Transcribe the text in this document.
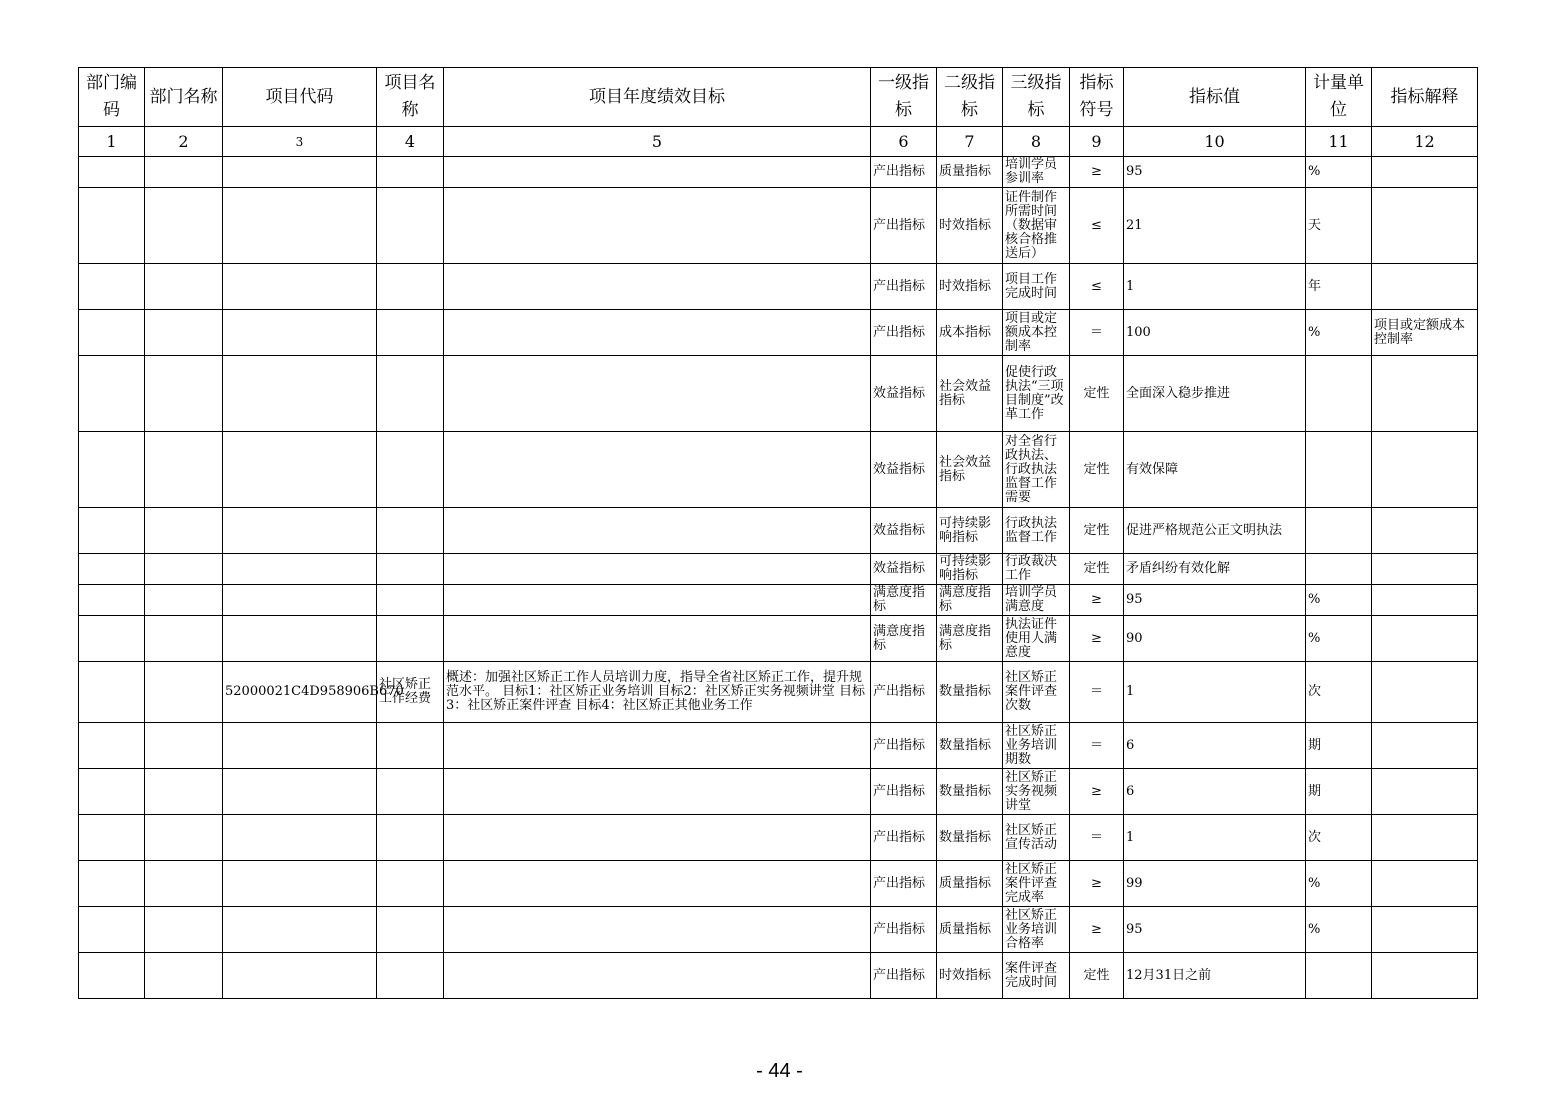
部门编码	部门名称	项目代码	项目名称	项目年度绩效目标	一级指标	二级指标	三级指标	指标符号	指标值	计量单位	指标解释
1	2	3	4	5	6	7	8	9	10	11	12
					产出指标	质量指标	培训学员参训率	≥	95	%	
					产出指标	时效指标	证件制作所需时间（数据审核合格推送后）	≤	21	天	
					产出指标	时效指标	项目工作完成时间	≤	1	年	
					产出指标	成本指标	项目或定额成本控制率	＝	100	%	项目或定额成本控制率
					效益指标	社会效益指标	促使行政执法“三项目制度”改革工作	定性	全面深入稳步推进		
					效益指标	社会效益指标	对全省行政执法、行政执法监督工作需要	定性	有效保障		
					效益指标	可持续影响指标	行政执法监督工作	定性	促进严格规范公正文明执法		
					效益指标	可持续影响指标	行政裁决工作	定性	矛盾纠纷有效化解		
					满意度指标	满意度指标	培训学员满意度	≥	95	%	
					满意度指标	满意度指标	执法证件使用人满意度	≥	90	%	
		52000021C4D958906B670	社区矫正工作经费	概述：加强社区矫正工作人员培训力度，指导全省社区矫正工作，提升规范水平。 目标1：社区矫正业务培训 目标2：社区矫正实务视频讲堂 目标3：社区矫正案件评查 目标4：社区矫正其他业务工作	产出指标	数量指标	社区矫正案件评查次数	＝	1	次	
					产出指标	数量指标	社区矫正业务培训期数	＝	6	期	
					产出指标	数量指标	社区矫正实务视频讲堂	≥	6	期	
					产出指标	数量指标	社区矫正宣传活动	＝	1	次	
					产出指标	质量指标	社区矫正案件评查完成率	≥	99	%	
					产出指标	质量指标	社区矫正业务培训合格率	≥	95	%	
					产出指标	时效指标	案件评查完成时间	定性	12月31日之前		
- 44 -
